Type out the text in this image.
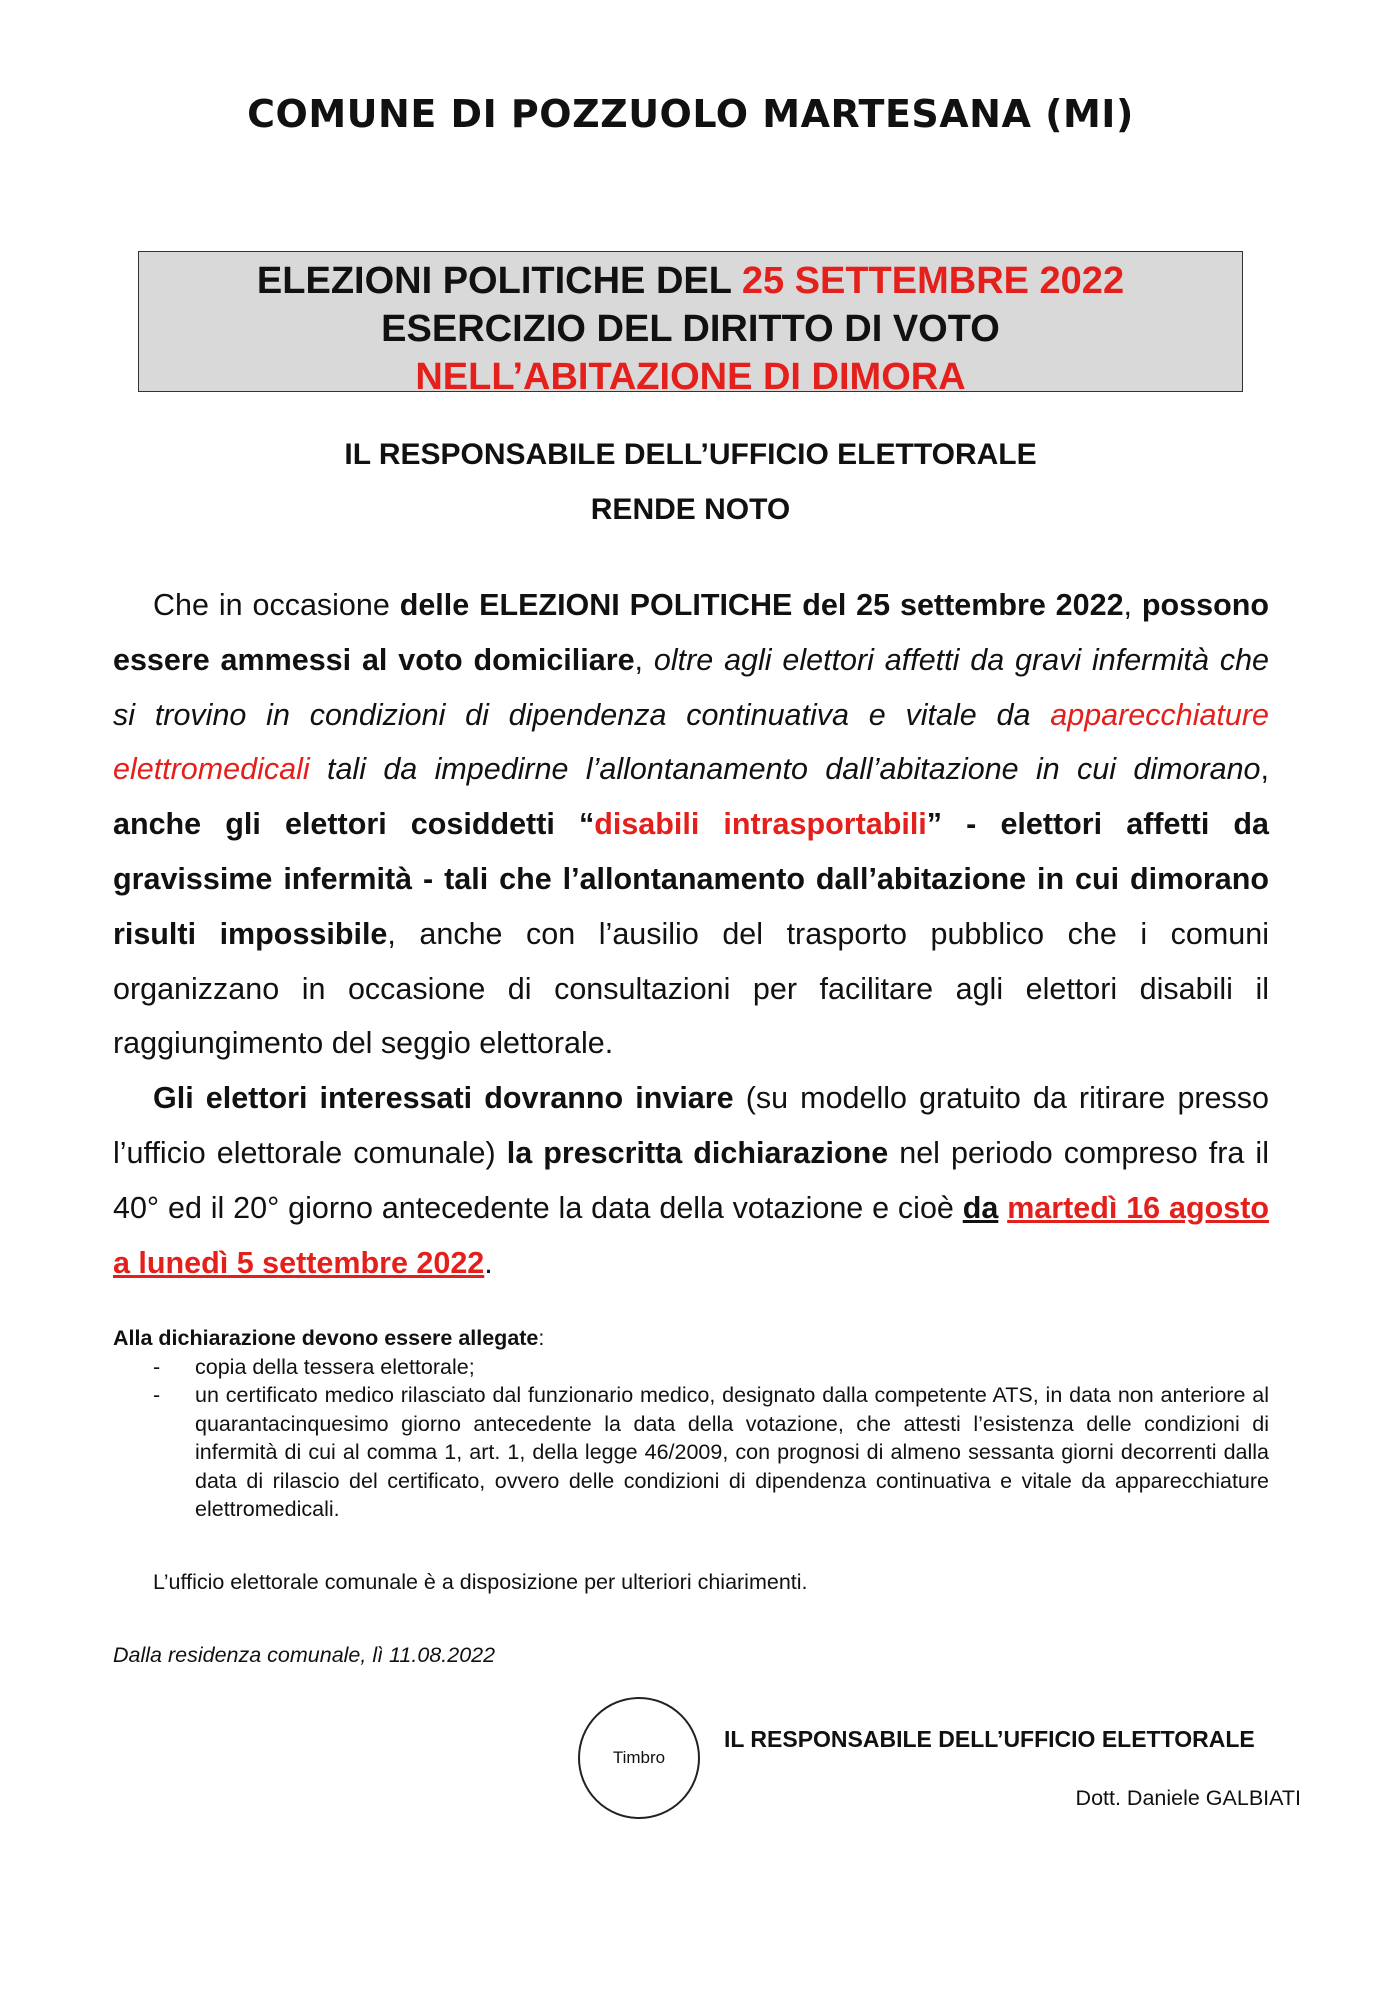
COMUNE DI POZZUOLO MARTESANA (MI)
ELEZIONI POLITICHE DEL 25 SETTEMBRE 2022
ESERCIZIO DEL DIRITTO DI VOTO
NELL’ABITAZIONE DI DIMORA
IL RESPONSABILE DELL’UFFICIO ELETTORALE
RENDE NOTO

Che in occasione delle ELEZIONI POLITICHE del 25 settembre 2022, possono essere ammessi al voto domiciliare, oltre agli elettori affetti da gravi infermità che si trovino in condizioni di dipendenza continuativa e vitale da apparecchiature elettromedicali tali da impedirne l’allontanamento dall’abitazione in cui dimorano, anche gli elettori cosiddetti “disabili intrasportabili” - elettori affetti da gravissime infermità - tali che l’allontanamento dall’abitazione in cui dimorano risulti impossibile, anche con l’ausilio del trasporto pubblico che i comuni organizzano in occasione di consultazioni per facilitare agli elettori disabili il raggiungimento del seggio elettorale.

Gli elettori interessati dovranno inviare (su modello gratuito da ritirare presso l’ufficio elettorale comunale) la prescritta dichiarazione nel periodo compreso fra il 40° ed il 20° giorno antecedente la data della votazione e cioè da martedì 16 agosto a lunedì 5 settembre 2022.

Alla dichiarazione devono essere allegate:
- copia della tessera elettorale;
- un certificato medico rilasciato dal funzionario medico, designato dalla competente ATS, in data non anteriore al quarantacinquesimo giorno antecedente la data della votazione, che attesti l’esistenza delle condizioni di infermità di cui al comma 1, art. 1, della legge 46/2009, con prognosi di almeno sessanta giorni decorrenti dalla data di rilascio del certificato, ovvero delle condizioni di dipendenza continuativa e vitale da apparecchiature elettromedicali.
L’ufficio elettorale comunale è a disposizione per ulteriori chiarimenti.
Dalla residenza comunale, lì 11.08.2022
Timbro
IL RESPONSABILE DELL’UFFICIO ELETTORALE
Dott. Daniele GALBIATI
